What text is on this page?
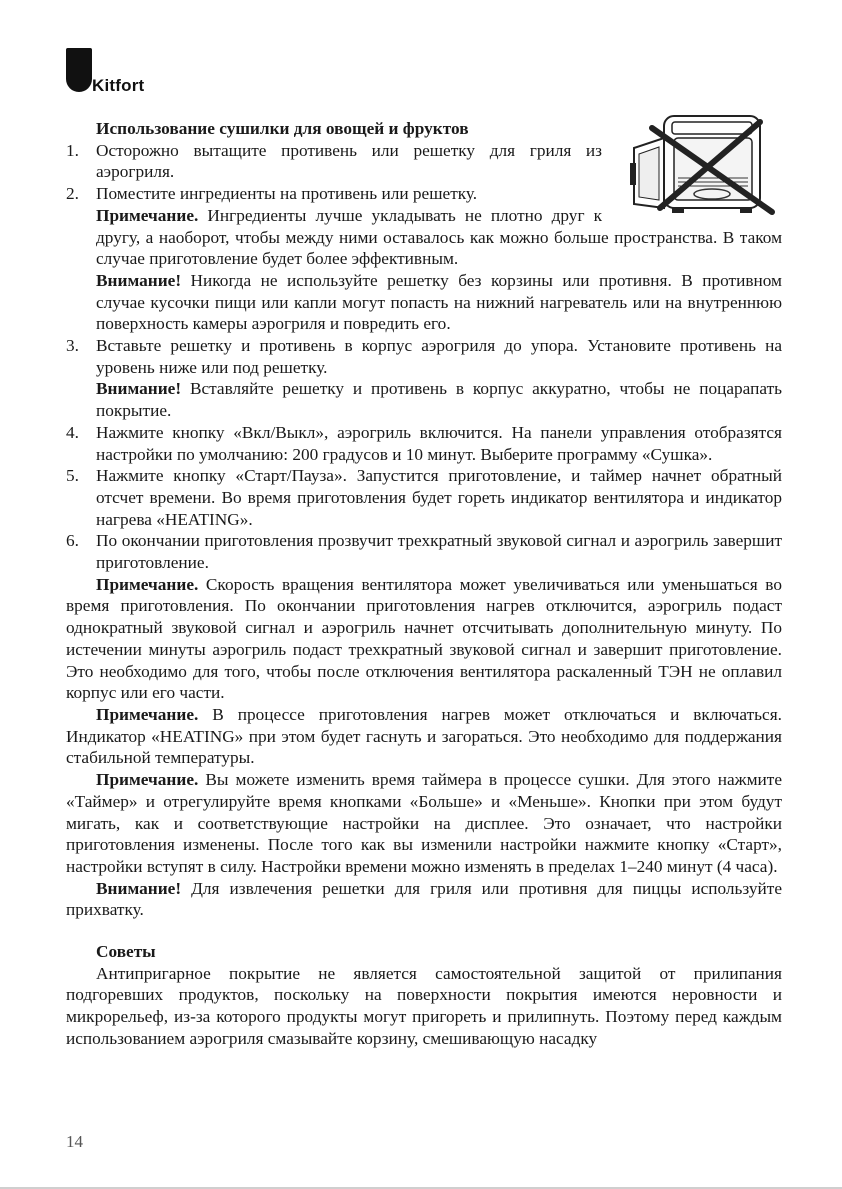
Kitfort
Использование сушилки для овощей и фруктов
1. Осторожно вытащите противень или решетку для гриля из аэрогриля.
2. Поместите ингредиенты на противень или решетку.
Примечание. Ингредиенты лучше укладывать не плотно друг к другу, а наоборот, чтобы между ними оставалось как можно больше пространства. В таком случае приготовление будет более эффективным.
Внимание! Никогда не используйте решетку без корзины или противня. В противном случае кусочки пищи или капли могут попасть на нижний нагреватель или на внутреннюю поверхность камеры аэрогриля и повредить его.
3. Вставьте решетку и противень в корпус аэрогриля до упора. Установите противень на уровень ниже или под решетку.
Внимание! Вставляйте решетку и противень в корпус аккуратно, чтобы не поцарапать покрытие.
4. Нажмите кнопку «Вкл/Выкл», аэрогриль включится. На панели управления отобразятся настройки по умолчанию: 200 градусов и 10 минут. Выберите программу «Сушка».
5. Нажмите кнопку «Старт/Пауза». Запустится приготовление, и таймер начнет обратный отсчет времени. Во время приготовления будет гореть индикатор вентилятора и индикатор нагрева «HEATING».
6. По окончании приготовления прозвучит трехкратный звуковой сигнал и аэрогриль завершит приготовление.
Примечание. Скорость вращения вентилятора может увеличиваться или уменьшаться во время приготовления. По окончании приготовления нагрев отключится, аэрогриль подаст однократный звуковой сигнал и аэрогриль начнет отсчитывать дополнительную минуту. По истечении минуты аэрогриль подаст трехкратный звуковой сигнал и завершит приготовление. Это необходимо для того, чтобы после отключения вентилятора раскаленный ТЭН не оплавил корпус или его части.
Примечание. В процессе приготовления нагрев может отключаться и включаться. Индикатор «HEATING» при этом будет гаснуть и загораться. Это необходимо для поддержания стабильной температуры.
Примечание. Вы можете изменить время таймера в процессе сушки. Для этого нажмите «Таймер» и отрегулируйте время кнопками «Больше» и «Меньше». Кнопки при этом будут мигать, как и соответствующие настройки на дисплее. Это означает, что настройки приготовления изменены. После того как вы изменили настройки нажмите кнопку «Старт», настройки вступят в силу. Настройки времени можно изменять в пределах 1–240 минут (4 часа).
Внимание! Для извлечения решетки для гриля или противня для пиццы используйте прихватку.
Советы
Антипригарное покрытие не является самостоятельной защитой от прилипания подгоревших продуктов, поскольку на поверхности покрытия имеются неровности и микрорельеф, из-за которого продукты могут пригореть и прилипнуть. Поэтому перед каждым использованием аэрогриля смазывайте корзину, смешивающую насадку
14
